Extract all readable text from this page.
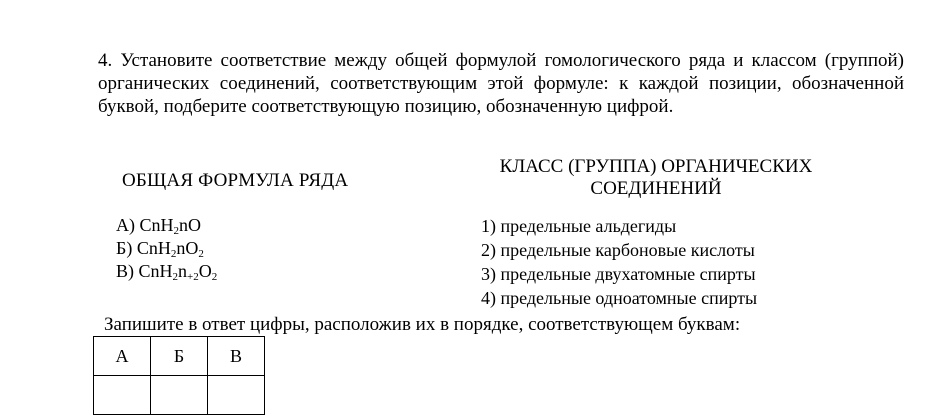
4. Установите соответствие между общей формулой гомологического ряда и классом (группой) органических соединений, соответствующим этой формуле: к каждой позиции, обозначенной буквой, подберите соответствующую позицию, обозначенную цифрой.

ОБЩАЯ ФОРМУЛА РЯДА
КЛАСС (ГРУППА) ОРГАНИЧЕСКИХ
СОЕДИНЕНИЙ
А) CnH$_2$nO
Б) $CnH_2nO_2$
В) $CnH_2n_{+2}O_2$
1) предельные альдегиды
2) предельные карбоновые кислоты
3) предельные двухатомные спирты
4) предельные одноатомные спирты
Запишите в ответ цифры, расположив их в порядке, соответствующем буквам:
А	Б	В
